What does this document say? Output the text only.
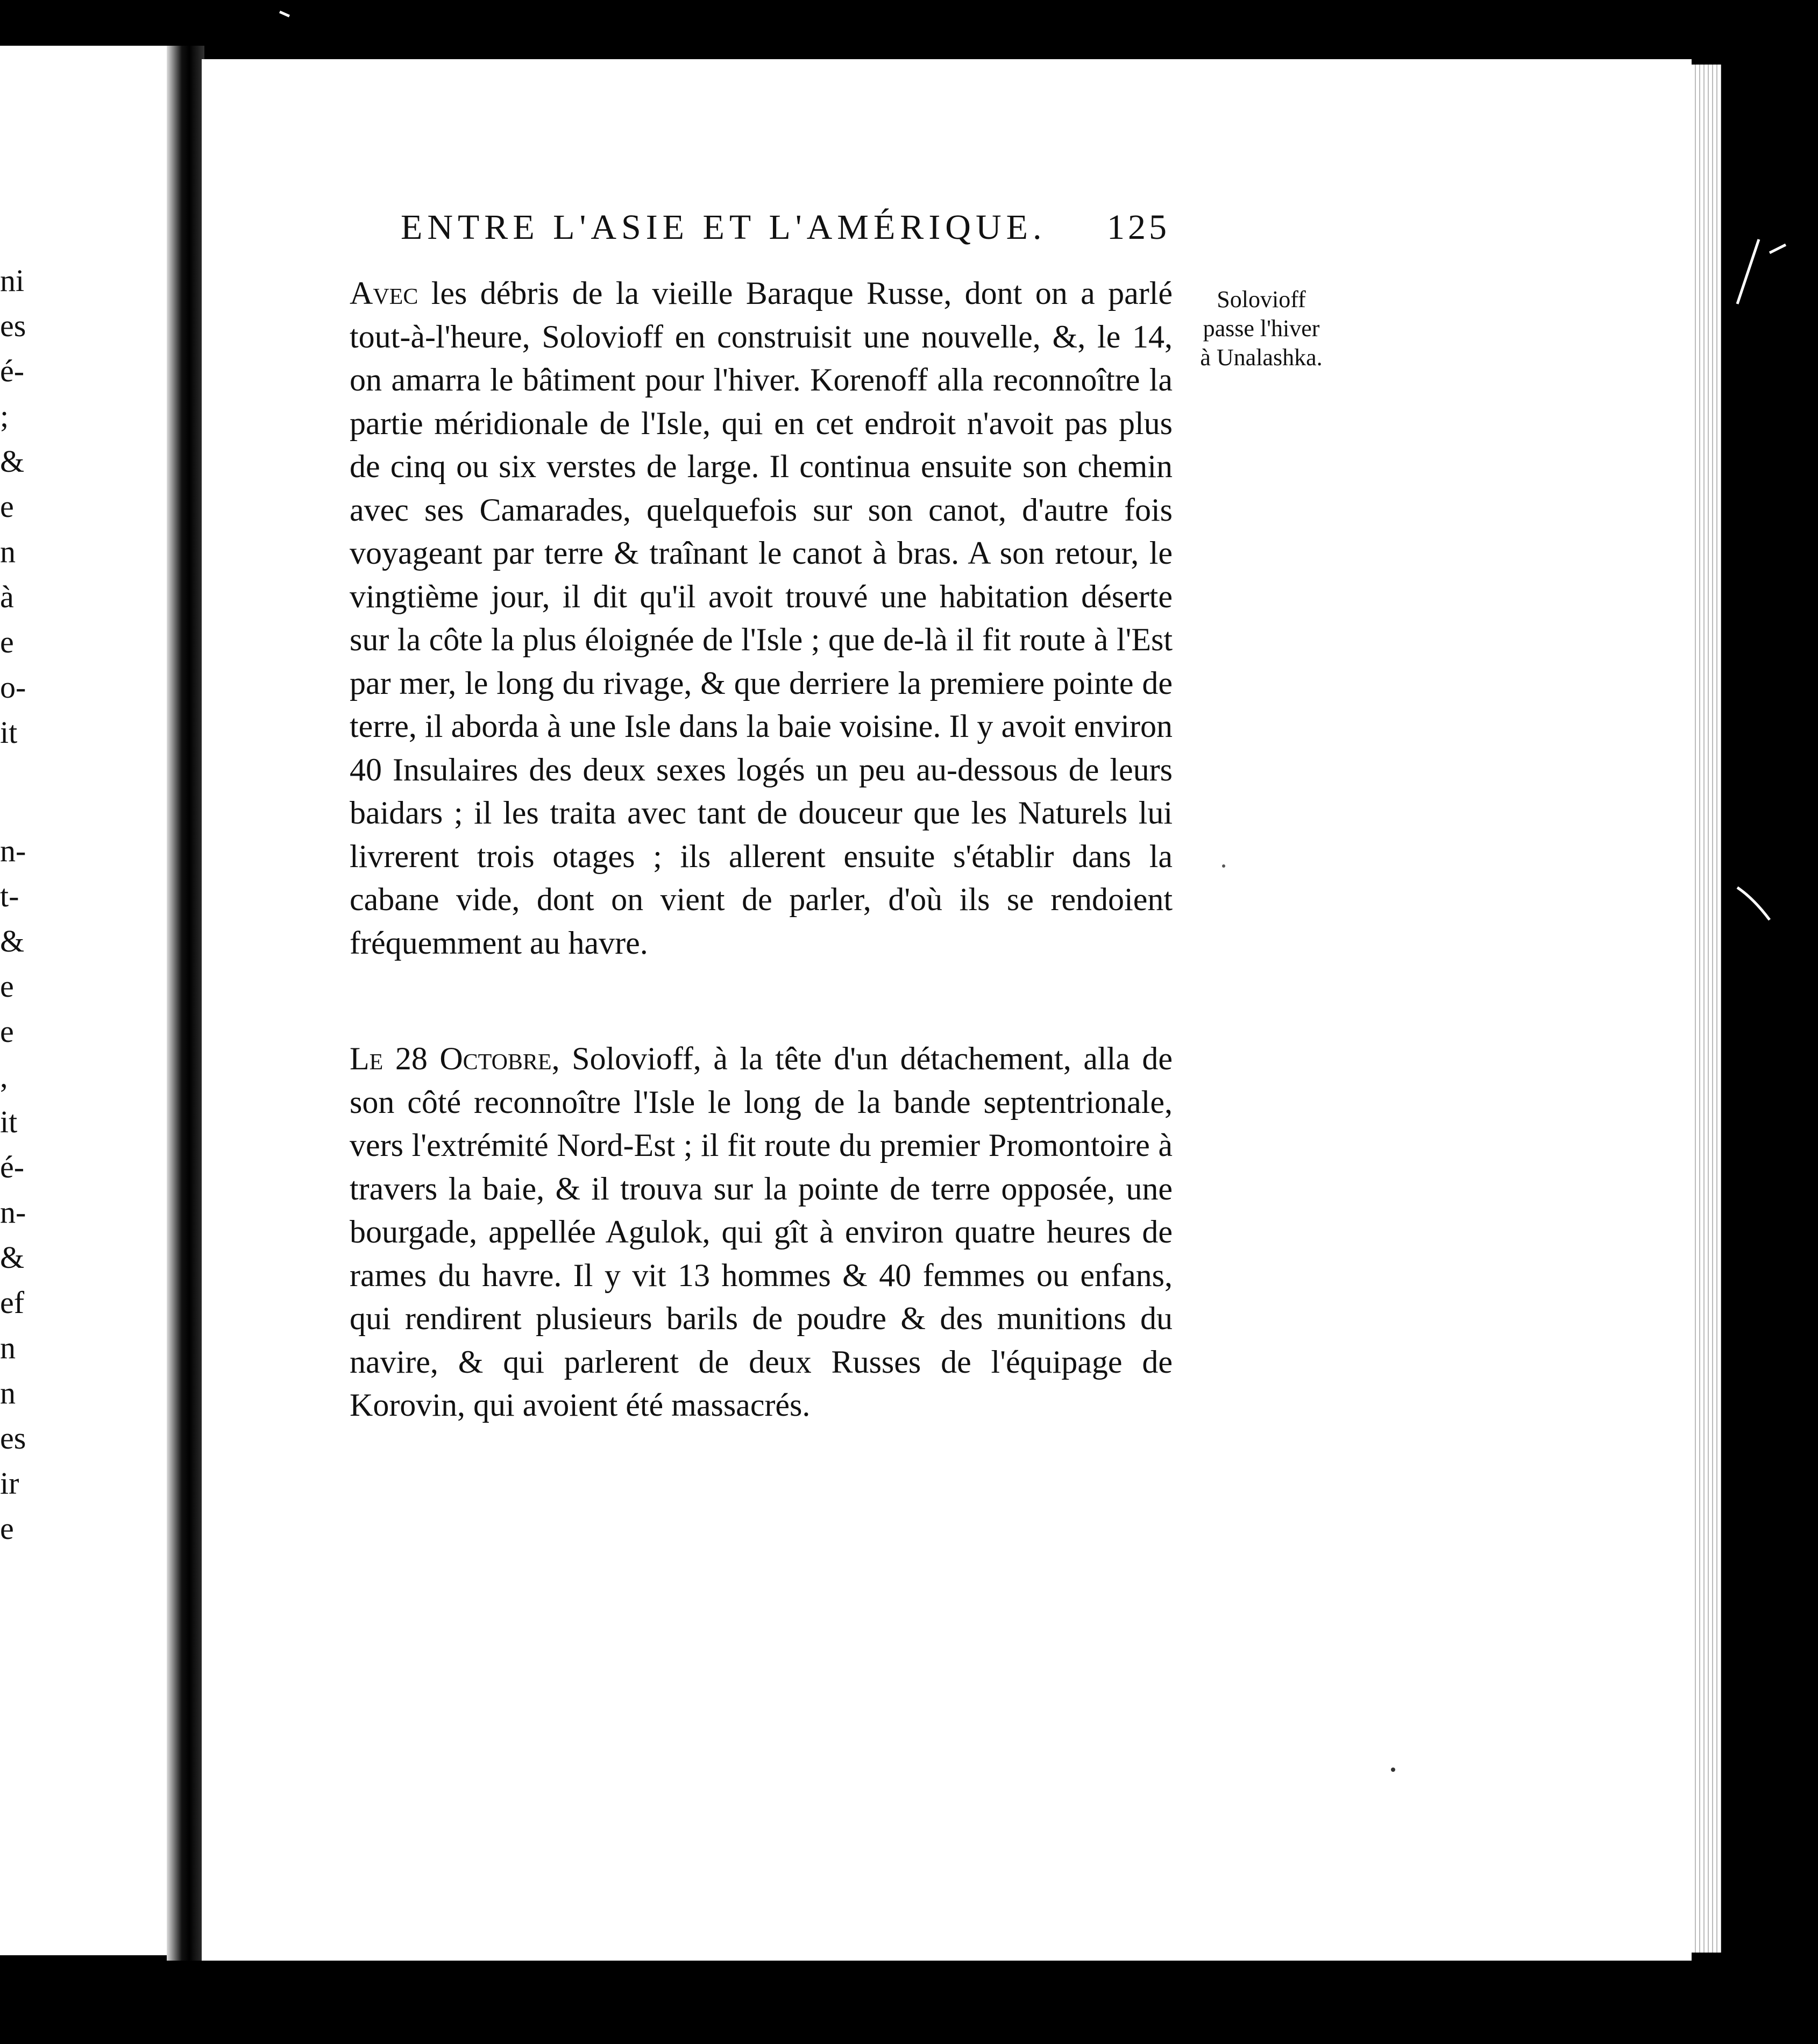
ni
es
é-
;
&
e
n
à
e
o-
it
n-
t-
&
e
e
,
it
é-
n-
&
ef
n
n
es
ir
e
ENTRE L'ASIE ET L'AMÉRIQUE. 125
Solovioff
passe l'hiver
à Unalashka.

Avec les débris de la vieille Baraque Russe, dont on a parlé tout-à-l'heure, Solovioff en construisit une nouvelle, &, le 14, on amarra le bâtiment pour l'hiver. Korenoff alla reconnoître la partie méridionale de l'Isle, qui en cet endroit n'avoit pas plus de cinq ou six verstes de large. Il continua ensuite son chemin avec ses Camarades, quelquefois sur son canot, d'autre fois voyageant par terre & traînant le canot à bras. A son retour, le vingtième jour, il dit qu'il avoit trouvé une habitation déserte sur la côte la plus éloignée de l'Isle ; que de-là il fit route à l'Est par mer, le long du rivage, & que derriere la premiere pointe de terre, il aborda à une Isle dans la baie voisine. Il y avoit environ 40 Insulaires des deux sexes logés un peu au-dessous de leurs baidars ; il les traita avec tant de douceur que les Naturels lui livrerent trois otages ; ils allerent ensuite s'établir dans la cabane vide, dont on vient de parler, d'où ils se rendoient fréquemment au havre.

Le 28 Octobre, Solovioff, à la tête d'un détachement, alla de son côté reconnoître l'Isle le long de la bande septentrionale, vers l'extrémité Nord-Est ; il fit route du premier Promontoire à travers la baie, & il trouva sur la pointe de terre opposée, une bourgade, appellée Agulok, qui gît à environ quatre heures de rames du havre. Il y vit 13 hommes & 40 femmes ou enfans, qui rendirent plusieurs barils de poudre & des munitions du navire, & qui parlerent de deux Russes de l'équipage de Korovin, qui avoient été massacrés.
